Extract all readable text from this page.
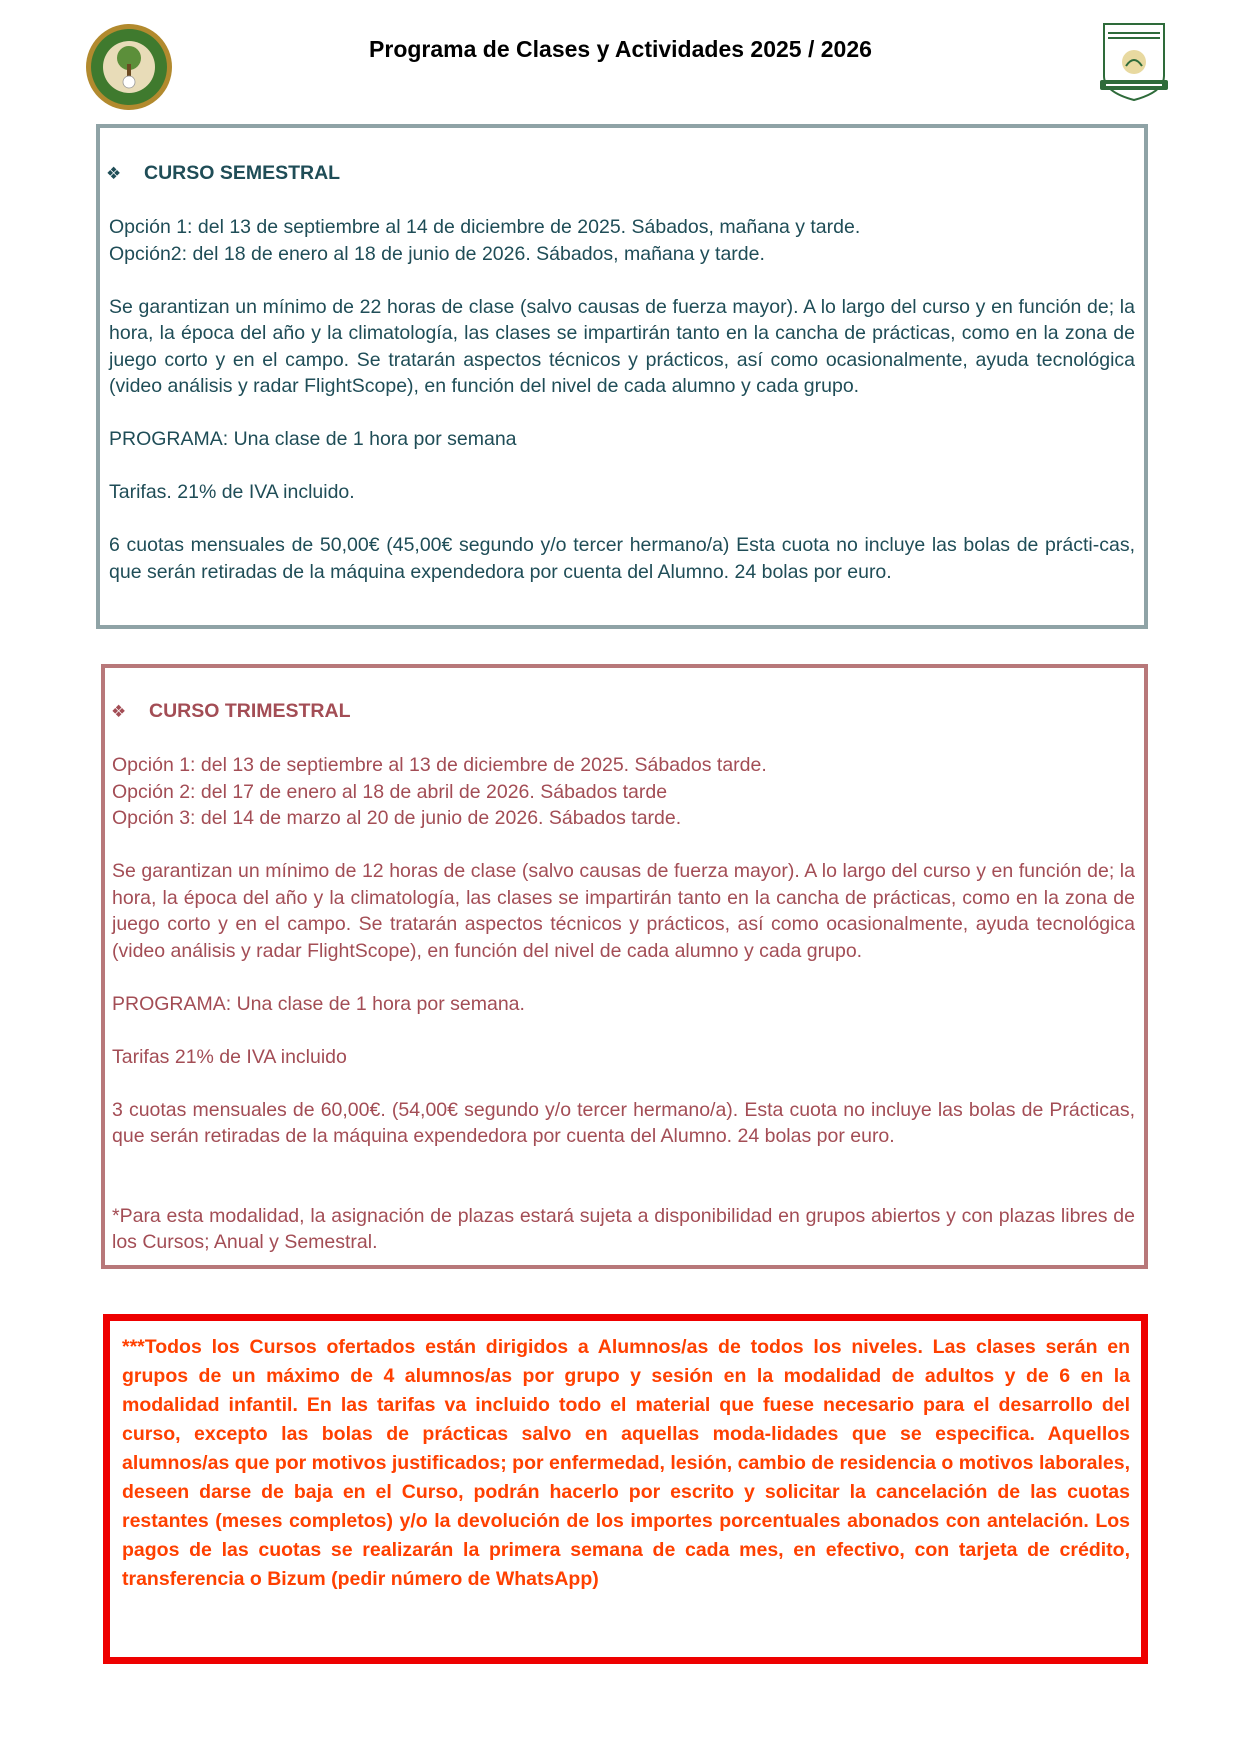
Programa de Clases y Actividades 2025 / 2026
❖	CURSO SEMESTRAL

Opción 1: del 13 de septiembre al 14 de diciembre de 2025. Sábados, mañana y tarde.

Opción2: del 18 de enero al 18 de junio de 2026. Sábados, mañana y tarde.

Se garantizan un mínimo de 22 horas de clase (salvo causas de fuerza mayor). A lo largo del curso y en función de; la hora, la época del año y la climatología, las clases se impartirán tanto en la cancha de prácticas, como en la zona de juego corto y en el campo. Se tratarán aspectos técnicos y prácticos, así como ocasionalmente, ayuda tecnológica (video análisis y radar FlightScope), en función del nivel de cada alumno y cada grupo.

PROGRAMA: Una clase de 1 hora por semana

Tarifas. 21% de IVA incluido.

6 cuotas mensuales de 50,00€ (45,00€ segundo y/o tercer hermano/a) Esta cuota no incluye las bolas de prácti-cas, que serán retiradas de la máquina expendedora por cuenta del Alumno. 24 bolas por euro.

❖	CURSO TRIMESTRAL

Opción 1: del 13 de septiembre al 13 de diciembre de 2025. Sábados tarde.

Opción 2: del 17 de enero al 18 de abril de 2026. Sábados tarde

Opción 3: del 14 de marzo al 20 de junio de 2026. Sábados tarde.

Se garantizan un mínimo de 12 horas de clase (salvo causas de fuerza mayor). A lo largo del curso y en función de; la hora, la época del año y la climatología, las clases se impartirán tanto en la cancha de prácticas, como en la zona de juego corto y en el campo. Se tratarán aspectos técnicos y prácticos, así como ocasionalmente, ayuda tecnológica (video análisis y radar FlightScope), en función del nivel de cada alumno y cada grupo.

PROGRAMA: Una clase de 1 hora por semana.

Tarifas 21% de IVA incluido

3 cuotas mensuales de 60,00€. (54,00€ segundo y/o tercer hermano/a). Esta cuota no incluye las bolas de Prácticas, que serán retiradas de la máquina expendedora por cuenta del Alumno. 24 bolas por euro.

*Para esta modalidad, la asignación de plazas estará sujeta a disponibilidad en grupos abiertos y con plazas libres de los Cursos; Anual y Semestral.

***Todos los Cursos ofertados están dirigidos a Alumnos/as de todos los niveles. Las clases serán en grupos de un máximo de 4 alumnos/as por grupo y sesión en la modalidad de adultos y de 6 en la modalidad infantil. En las tarifas va incluido todo el material que fuese necesario para el desarrollo del curso, excepto las bolas de prácticas salvo en aquellas moda-lidades que se especifica. Aquellos alumnos/as que por motivos justificados; por enfermedad, lesión, cambio de residencia o motivos laborales, deseen darse de baja en el Curso, podrán hacerlo por escrito y solicitar la cancelación de las cuotas restantes (meses completos) y/o la devolución de los importes porcentuales abonados con antelación. Los pagos de las cuotas se realizarán la primera semana de cada mes, en efectivo, con tarjeta de crédito, transferencia o Bizum (pedir número de WhatsApp)
